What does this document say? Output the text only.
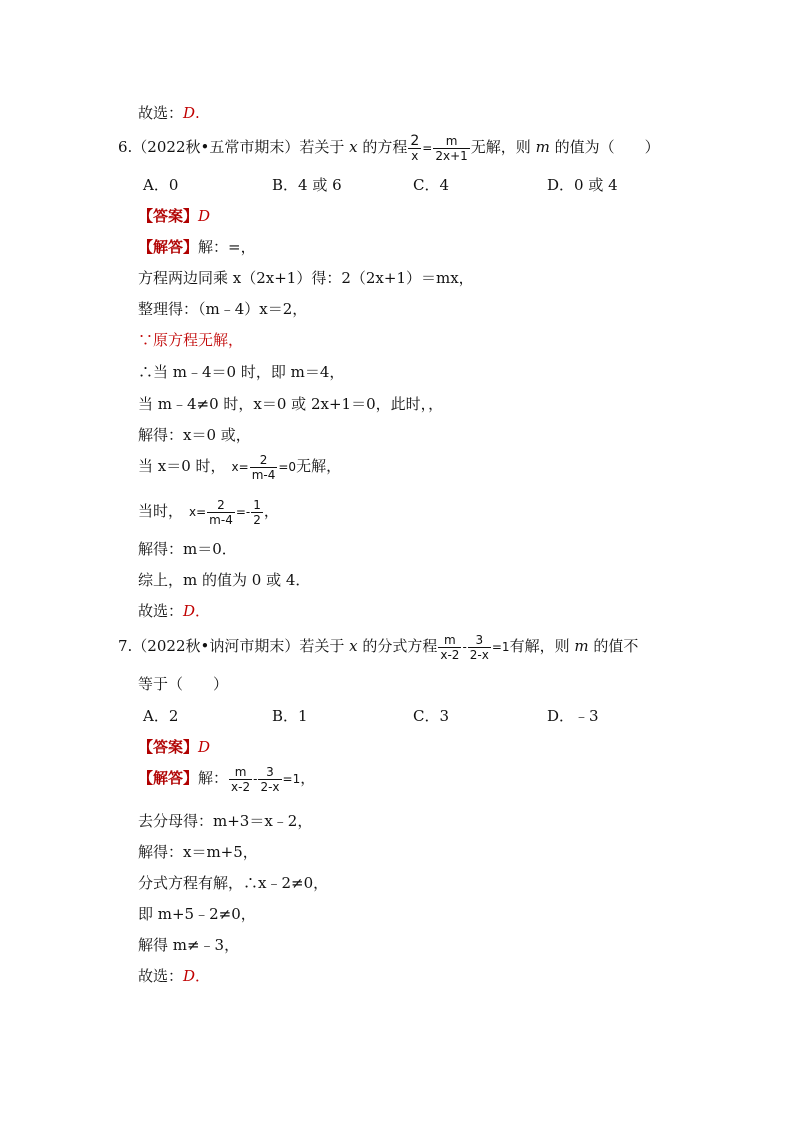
故选：D.
6.（2022秋•五常市期末）若关于 x 的方程 $\frac{2}{x} = \frac{m}{2x+1}$ 无解，则 m 的值为（　　）
A．0	B．4 或 6	C．4	D．0 或 4
【答案】D
【解答】解：=，
方程两边同乘 x（2x+1）得：2（2x+1）＝mx，
整理得：（m﹣4）x＝2，
∵原方程无解，
∴当 m﹣4＝0 时，即 m＝4，
当 m﹣4≠0 时，x＝0 或 2x+1＝0，此时，，
解得：x＝0 或，
当 x＝0 时， $x= \frac{2}{m-4} =0$无解，
当时， $x= \frac{2}{m-4} =- \frac{1}{2}$ ，
解得：m＝0．
综上，m 的值为 0 或 4．
故选：D．
7.（2022秋•讷河市期末）若关于 x 的分式方程 $\frac{m}{x-2} - \frac{3}{2-x} =1$有解，则 m 的值不
等于（　　）
A．2	B．1	C．3	D．﹣3
【答案】D
【解答】解： $\frac{m}{x-2} - \frac{3}{2-x} =1$，
去分母得：m+3＝x﹣2，
解得：x＝m+5，
分式方程有解，∴x﹣2≠0，
即 m+5﹣2≠0，
解得 m≠﹣3，
故选：D．
